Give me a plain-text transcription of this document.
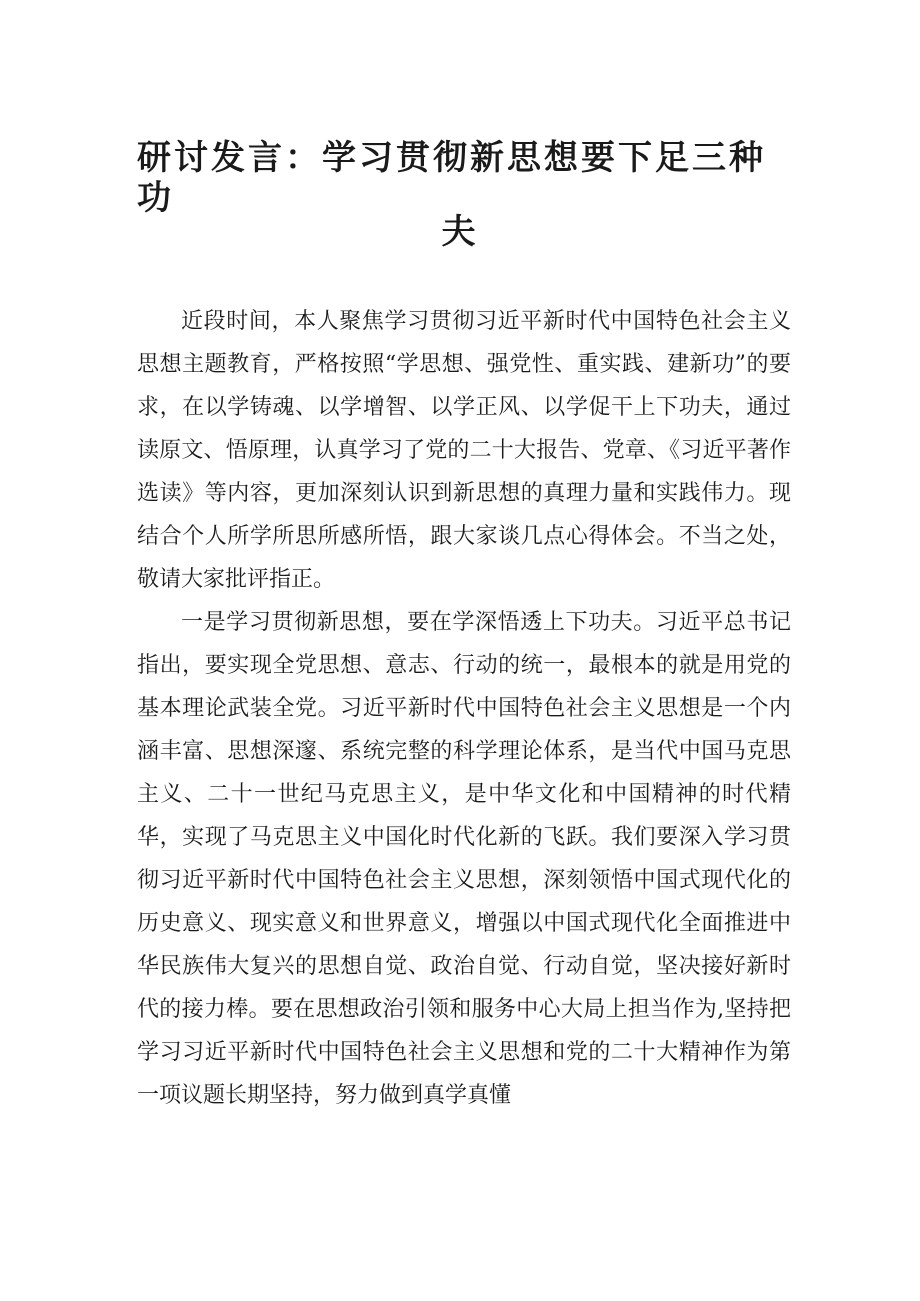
研讨发言：学习贯彻新思想要下足三种功
夫

近段时间，本人聚焦学习贯彻习近平新时代中国特色社会主义思想主题教育，严格按照“学思想、强党性、重实践、建新功”的要求，在以学铸魂、以学增智、以学正风、以学促干上下功夫，通过读原文、悟原理，认真学习了党的二十大报告、党章、《习近平著作选读》等内容，更加深刻认识到新思想的真理力量和实践伟力。现结合个人所学所思所感所悟，跟大家谈几点心得体会。不当之处，敬请大家批评指正。

一是学习贯彻新思想，要在学深悟透上下功夫。习近平总书记指出，要实现全党思想、意志、行动的统一，最根本的就是用党的基本理论武装全党。习近平新时代中国特色社会主义思想是一个内涵丰富、思想深邃、系统完整的科学理论体系，是当代中国马克思主义、二十一世纪马克思主义，是中华文化和中国精神的时代精华，实现了马克思主义中国化时代化新的飞跃。我们要深入学习贯彻习近平新时代中国特色社会主义思想，深刻领悟中国式现代化的历史意义、现实意义和世界意义，增强以中国式现代化全面推进中华民族伟大复兴的思想自觉、政治自觉、行动自觉，坚决接好新时代的接力棒。要在思想政治引领和服务中心大局上担当作为,坚持把学习习近平新时代中国特色社会主义思想和党的二十大精神作为第一项议题长期坚持，努力做到真学真懂
